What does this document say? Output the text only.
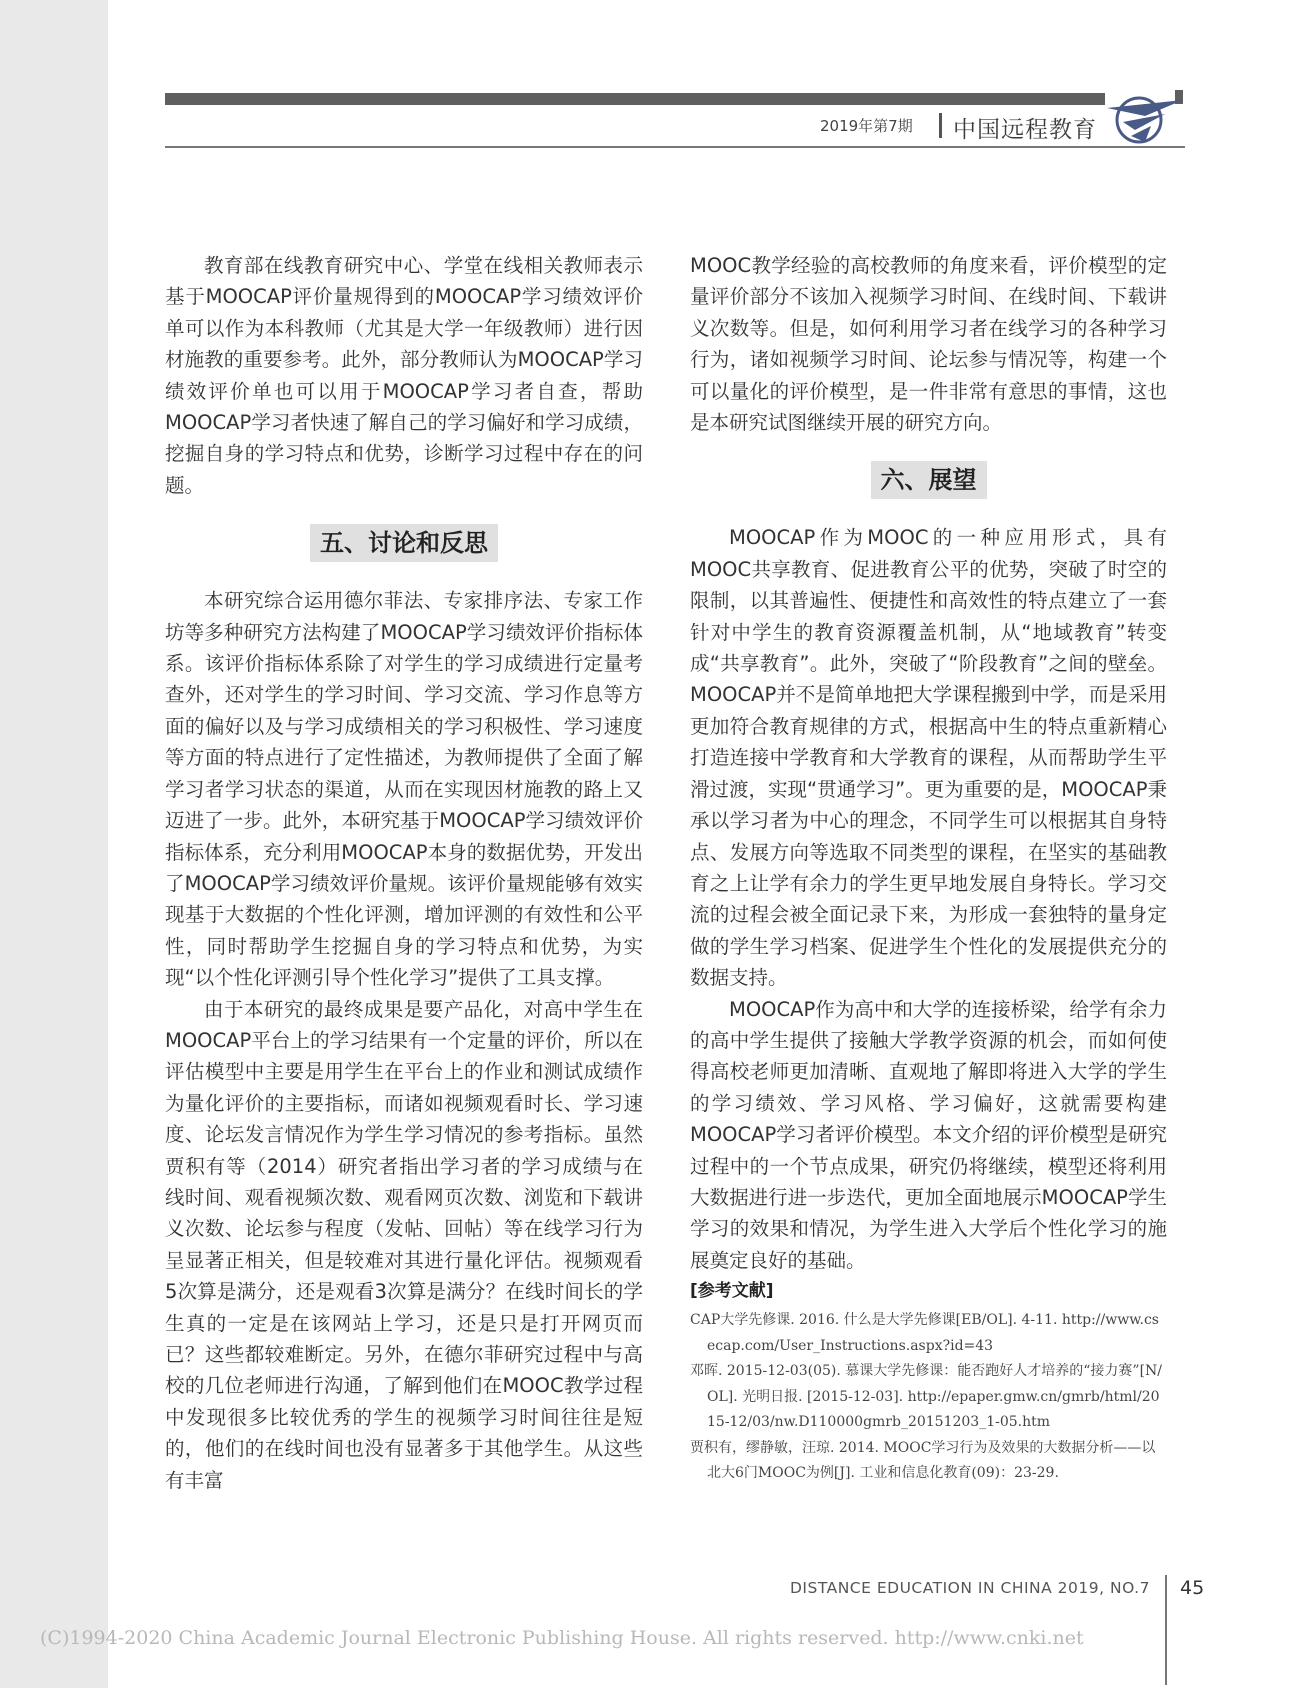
2019年第7期 中国远程教育

教育部在线教育研究中心、学堂在线相关教师表示基于MOOCAP评价量规得到的MOOCAP学习绩效评价单可以作为本科教师（尤其是大学一年级教师）进行因材施教的重要参考。此外，部分教师认为MOOCAP学习绩效评价单也可以用于MOOCAP学习者自查，帮助MOOCAP学习者快速了解自己的学习偏好和学习成绩，挖掘自身的学习特点和优势，诊断学习过程中存在的问题。

五、讨论和反思

本研究综合运用德尔菲法、专家排序法、专家工作坊等多种研究方法构建了MOOCAP学习绩效评价指标体系。该评价指标体系除了对学生的学习成绩进行定量考查外，还对学生的学习时间、学习交流、学习作息等方面的偏好以及与学习成绩相关的学习积极性、学习速度等方面的特点进行了定性描述，为教师提供了全面了解学习者学习状态的渠道，从而在实现因材施教的路上又迈进了一步。此外，本研究基于MOOCAP学习绩效评价指标体系，充分利用MOOCAP本身的数据优势，开发出了MOOCAP学习绩效评价量规。该评价量规能够有效实现基于大数据的个性化评测，增加评测的有效性和公平性，同时帮助学生挖掘自身的学习特点和优势，为实现“以个性化评测引导个性化学习”提供了工具支撑。

由于本研究的最终成果是要产品化，对高中学生在MOOCAP平台上的学习结果有一个定量的评价，所以在评估模型中主要是用学生在平台上的作业和测试成绩作为量化评价的主要指标，而诸如视频观看时长、学习速度、论坛发言情况作为学生学习情况的参考指标。虽然贾积有等（2014）研究者指出学习者的学习成绩与在线时间、观看视频次数、观看网页次数、浏览和下载讲义次数、论坛参与程度（发帖、回帖）等在线学习行为呈显著正相关，但是较难对其进行量化评估。视频观看5次算是满分，还是观看3次算是满分？在线时间长的学生真的一定是在该网站上学习，还是只是打开网页而已？这些都较难断定。另外，在德尔菲研究过程中与高校的几位老师进行沟通，了解到他们在MOOC教学过程中发现很多比较优秀的学生的视频学习时间往往是短的，他们的在线时间也没有显著多于其他学生。从这些有丰富

MOOC教学经验的高校教师的角度来看，评价模型的定量评价部分不该加入视频学习时间、在线时间、下载讲义次数等。但是，如何利用学习者在线学习的各种学习行为，诸如视频学习时间、论坛参与情况等，构建一个可以量化的评价模型，是一件非常有意思的事情，这也是本研究试图继续开展的研究方向。

六、展望

MOOCAP作为MOOC的一种应用形式，具有MOOC共享教育、促进教育公平的优势，突破了时空的限制，以其普遍性、便捷性和高效性的特点建立了一套针对中学生的教育资源覆盖机制，从“地域教育”转变成“共享教育”。此外，突破了“阶段教育”之间的壁垒。MOOCAP并不是简单地把大学课程搬到中学，而是采用更加符合教育规律的方式，根据高中生的特点重新精心打造连接中学教育和大学教育的课程，从而帮助学生平滑过渡，实现“贯通学习”。更为重要的是，MOOCAP秉承以学习者为中心的理念，不同学生可以根据其自身特点、发展方向等选取不同类型的课程，在坚实的基础教育之上让学有余力的学生更早地发展自身特长。学习交流的过程会被全面记录下来，为形成一套独特的量身定做的学生学习档案、促进学生个性化的发展提供充分的数据支持。

MOOCAP作为高中和大学的连接桥梁，给学有余力的高中学生提供了接触大学教学资源的机会，而如何使得高校老师更加清晰、直观地了解即将进入大学的学生的学习绩效、学习风格、学习偏好，这就需要构建MOOCAP学习者评价模型。本文介绍的评价模型是研究过程中的一个节点成果，研究仍将继续，模型还将利用大数据进行进一步迭代，更加全面地展示MOOCAP学生学习的效果和情况，为学生进入大学后个性化学习的施展奠定良好的基础。

[参考文献]
CAP大学先修课. 2016. 什么是大学先修课[EB/OL]. 4-11. http://www.csecap.com/User_Instructions.aspx?id=43
邓晖. 2015-12-03(05). 慕课大学先修课：能否跑好人才培养的“接力赛”[N/OL]. 光明日报. [2015-12-03]. http://epaper.gmw.cn/gmrb/html/2015-12/03/nw.D110000gmrb_20151203_1-05.htm
贾积有，缪静敏，汪琼. 2014. MOOC学习行为及效果的大数据分析——以北大6门MOOC为例[J]. 工业和信息化教育(09)：23-29.
DISTANCE EDUCATION IN CHINA 2019, NO.7 45
(C)1994-2020 China Academic Journal Electronic Publishing House. All rights reserved. http://www.cnki.net
